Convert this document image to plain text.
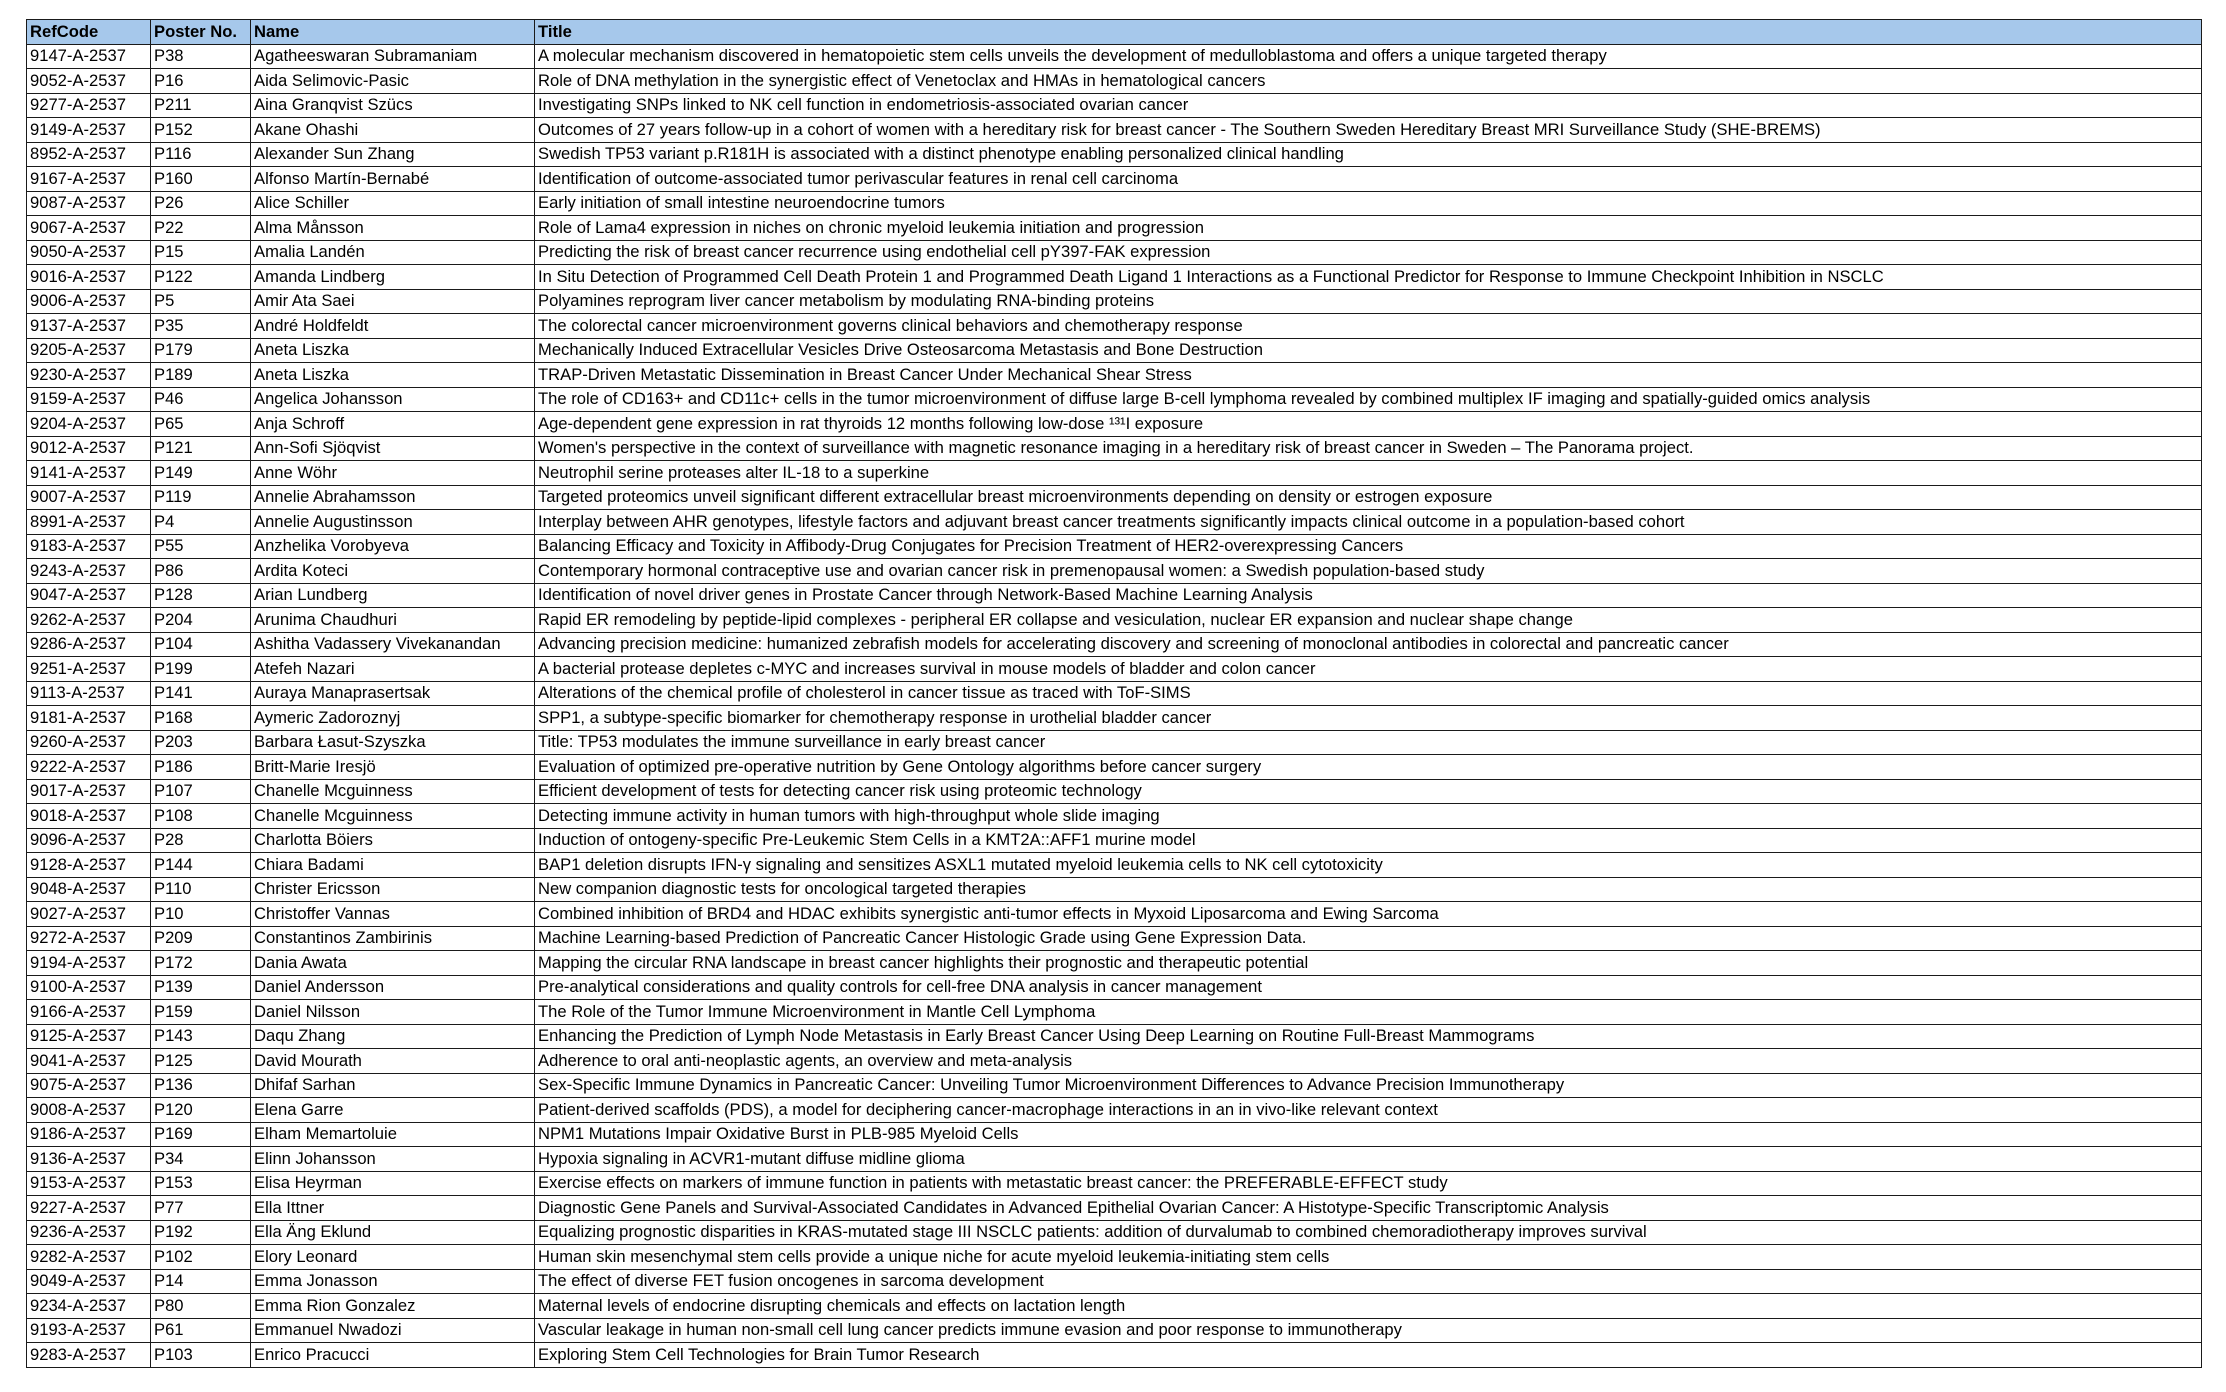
RefCode	Poster No.	Name	Title
9147-A-2537	P38	Agatheeswaran Subramaniam	A molecular mechanism discovered in hematopoietic stem cells unveils the development of medulloblastoma and offers a unique targeted therapy
9052-A-2537	P16	Aida Selimovic-Pasic	Role of DNA methylation in the synergistic effect of Venetoclax and HMAs in hematological cancers
9277-A-2537	P211	Aina Granqvist Szücs	Investigating SNPs linked to NK cell function in endometriosis-associated ovarian cancer
9149-A-2537	P152	Akane Ohashi	Outcomes of 27 years follow-up in a cohort of women with a hereditary risk for breast cancer - The Southern Sweden Hereditary Breast MRI Surveillance Study (SHE-BREMS)
8952-A-2537	P116	Alexander Sun Zhang	Swedish TP53 variant p.R181H is associated with a distinct phenotype enabling personalized clinical handling
9167-A-2537	P160	Alfonso Martín-Bernabé	Identification of outcome-associated tumor perivascular features in renal cell carcinoma
9087-A-2537	P26	Alice Schiller	Early initiation of small intestine neuroendocrine tumors
9067-A-2537	P22	Alma Månsson	Role of Lama4 expression in niches on chronic myeloid leukemia initiation and progression
9050-A-2537	P15	Amalia Landén	Predicting the risk of breast cancer recurrence using endothelial cell pY397-FAK expression
9016-A-2537	P122	Amanda Lindberg	In Situ Detection of Programmed Cell Death Protein 1 and Programmed Death Ligand 1 Interactions as a Functional Predictor for Response to Immune Checkpoint Inhibition in NSCLC
9006-A-2537	P5	Amir Ata Saei	Polyamines reprogram liver cancer metabolism by modulating RNA-binding proteins
9137-A-2537	P35	André Holdfeldt	The colorectal cancer microenvironment governs clinical behaviors and chemotherapy response
9205-A-2537	P179	Aneta Liszka	Mechanically Induced Extracellular Vesicles Drive Osteosarcoma Metastasis and Bone Destruction
9230-A-2537	P189	Aneta Liszka	TRAP-Driven Metastatic Dissemination in Breast Cancer Under Mechanical Shear Stress
9159-A-2537	P46	Angelica Johansson	The role of CD163+ and CD11c+ cells in the tumor microenvironment of diffuse large B-cell lymphoma revealed by combined multiplex IF imaging and spatially-guided omics analysis
9204-A-2537	P65	Anja Schroff	Age-dependent gene expression in rat thyroids 12 months following low-dose ¹³¹I exposure
9012-A-2537	P121	Ann-Sofi Sjöqvist	Women's perspective in the context of surveillance with magnetic resonance imaging in a hereditary risk of breast cancer in Sweden – The Panorama project.
9141-A-2537	P149	Anne Wöhr	Neutrophil serine proteases alter IL-18 to a superkine
9007-A-2537	P119	Annelie Abrahamsson	Targeted proteomics unveil significant different extracellular breast microenvironments depending on density or estrogen exposure
8991-A-2537	P4	Annelie Augustinsson	Interplay between AHR genotypes, lifestyle factors and adjuvant breast cancer treatments significantly impacts clinical outcome in a population-based cohort
9183-A-2537	P55	Anzhelika Vorobyeva	Balancing Efficacy and Toxicity in Affibody-Drug Conjugates for Precision Treatment of HER2-overexpressing Cancers
9243-A-2537	P86	Ardita Koteci	Contemporary hormonal contraceptive use and ovarian cancer risk in premenopausal women: a Swedish population-based study
9047-A-2537	P128	Arian Lundberg	Identification of novel driver genes in Prostate Cancer through Network-Based Machine Learning Analysis
9262-A-2537	P204	Arunima Chaudhuri	Rapid ER remodeling by peptide-lipid complexes - peripheral ER collapse and vesiculation, nuclear ER expansion and nuclear shape change
9286-A-2537	P104	Ashitha Vadassery Vivekanandan	Advancing precision medicine: humanized zebrafish models for accelerating discovery and screening of monoclonal antibodies in colorectal and pancreatic cancer
9251-A-2537	P199	Atefeh Nazari	A bacterial protease depletes c-MYC and increases survival in mouse models of bladder and colon cancer
9113-A-2537	P141	Auraya Manaprasertsak	Alterations of the chemical profile of cholesterol in cancer tissue as traced with ToF-SIMS
9181-A-2537	P168	Aymeric Zadoroznyj	SPP1, a subtype-specific biomarker for chemotherapy response in urothelial bladder cancer
9260-A-2537	P203	Barbara Łasut-Szyszka	Title: TP53 modulates the immune surveillance in early breast cancer
9222-A-2537	P186	Britt-Marie Iresjö	Evaluation of optimized pre-operative nutrition by Gene Ontology algorithms before cancer surgery
9017-A-2537	P107	Chanelle Mcguinness	Efficient development of tests for detecting cancer risk using proteomic technology
9018-A-2537	P108	Chanelle Mcguinness	Detecting immune activity in human tumors with high-throughput whole slide imaging
9096-A-2537	P28	Charlotta Böiers	Induction of ontogeny-specific Pre-Leukemic Stem Cells in a KMT2A::AFF1 murine model
9128-A-2537	P144	Chiara Badami	BAP1 deletion disrupts IFN-γ signaling and sensitizes ASXL1 mutated myeloid leukemia cells to NK cell cytotoxicity
9048-A-2537	P110	Christer Ericsson	New companion diagnostic tests for oncological targeted therapies
9027-A-2537	P10	Christoffer Vannas	Combined inhibition of BRD4 and HDAC exhibits synergistic anti-tumor effects in Myxoid Liposarcoma and Ewing Sarcoma
9272-A-2537	P209	Constantinos Zambirinis	Machine Learning-based Prediction of Pancreatic Cancer Histologic Grade using Gene Expression Data.
9194-A-2537	P172	Dania Awata	Mapping the circular RNA landscape in breast cancer highlights their prognostic and therapeutic potential
9100-A-2537	P139	Daniel Andersson	Pre-analytical considerations and quality controls for cell-free DNA analysis in cancer management
9166-A-2537	P159	Daniel Nilsson	The Role of the Tumor Immune Microenvironment in Mantle Cell Lymphoma
9125-A-2537	P143	Daqu Zhang	Enhancing the Prediction of Lymph Node Metastasis in Early Breast Cancer Using Deep Learning on Routine Full-Breast Mammograms
9041-A-2537	P125	David Mourath	Adherence to oral anti-neoplastic agents, an overview and meta-analysis
9075-A-2537	P136	Dhifaf Sarhan	Sex-Specific Immune Dynamics in Pancreatic Cancer: Unveiling Tumor Microenvironment Differences to Advance Precision Immunotherapy
9008-A-2537	P120	Elena Garre	Patient-derived scaffolds (PDS), a model for deciphering cancer-macrophage interactions in an in vivo-like relevant context
9186-A-2537	P169	Elham Memartoluie	NPM1 Mutations Impair Oxidative Burst in PLB-985 Myeloid Cells
9136-A-2537	P34	Elinn Johansson	Hypoxia signaling in ACVR1-mutant diffuse midline glioma
9153-A-2537	P153	Elisa Heyrman	Exercise effects on markers of immune function in patients with metastatic breast cancer: the PREFERABLE-EFFECT study
9227-A-2537	P77	Ella Ittner	Diagnostic Gene Panels and Survival-Associated Candidates in Advanced Epithelial Ovarian Cancer: A Histotype-Specific Transcriptomic Analysis
9236-A-2537	P192	Ella Äng Eklund	Equalizing prognostic disparities in KRAS-mutated stage III NSCLC patients: addition of durvalumab to combined chemoradiotherapy improves survival
9282-A-2537	P102	Elory Leonard	Human skin mesenchymal stem cells provide a unique niche for acute myeloid leukemia-initiating stem cells
9049-A-2537	P14	Emma Jonasson	The effect of diverse FET fusion oncogenes in sarcoma development
9234-A-2537	P80	Emma Rion Gonzalez	Maternal levels of endocrine disrupting chemicals and effects on lactation length
9193-A-2537	P61	Emmanuel Nwadozi	Vascular leakage in human non-small cell lung cancer predicts immune evasion and poor response to immunotherapy
9283-A-2537	P103	Enrico Pracucci	Exploring Stem Cell Technologies for Brain Tumor Research
